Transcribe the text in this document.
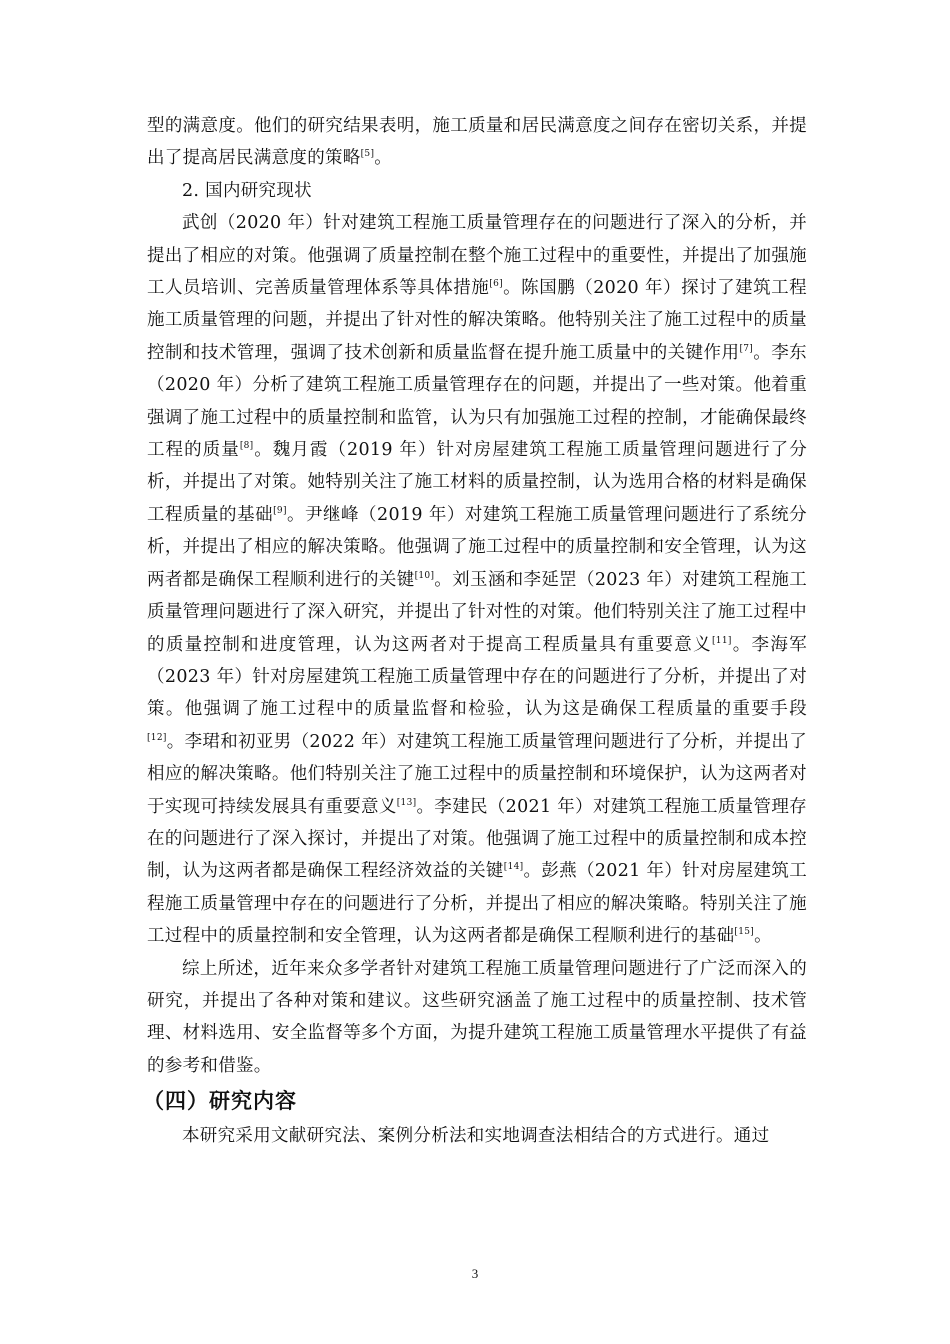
型的满意度。他们的研究结果表明，施工质量和居民满意度之间存在密切关系，并提出了提高居民满意度的策略[5]。

2. 国内研究现状

武创（2020 年）针对建筑工程施工质量管理存在的问题进行了深入的分析，并提出了相应的对策。他强调了质量控制在整个施工过程中的重要性，并提出了加强施工人员培训、完善质量管理体系等具体措施[6]。陈国鹏（2020 年）探讨了建筑工程施工质量管理的问题，并提出了针对性的解决策略。他特别关注了施工过程中的质量控制和技术管理，强调了技术创新和质量监督在提升施工质量中的关键作用[7]。李东（2020 年）分析了建筑工程施工质量管理存在的问题，并提出了一些对策。他着重强调了施工过程中的质量控制和监管，认为只有加强施工过程的控制，才能确保最终工程的质量[8]。魏月霞（2019 年）针对房屋建筑工程施工质量管理问题进行了分析，并提出了对策。她特别关注了施工材料的质量控制，认为选用合格的材料是确保工程质量的基础[9]。尹继峰（2019 年）对建筑工程施工质量管理问题进行了系统分析，并提出了相应的解决策略。他强调了施工过程中的质量控制和安全管理，认为这两者都是确保工程顺利进行的关键[10]。刘玉涵和李延罡（2023 年）对建筑工程施工质量管理问题进行了深入研究，并提出了针对性的对策。他们特别关注了施工过程中的质量控制和进度管理，认为这两者对于提高工程质量具有重要意义[11]。李海军（2023 年）针对房屋建筑工程施工质量管理中存在的问题进行了分析，并提出了对策。他强调了施工过程中的质量监督和检验，认为这是确保工程质量的重要手段[12]。李珺和初亚男（2022 年）对建筑工程施工质量管理问题进行了分析，并提出了相应的解决策略。他们特别关注了施工过程中的质量控制和环境保护，认为这两者对于实现可持续发展具有重要意义[13]。李建民（2021 年）对建筑工程施工质量管理存在的问题进行了深入探讨，并提出了对策。他强调了施工过程中的质量控制和成本控制，认为这两者都是确保工程经济效益的关键[14]。彭燕（2021 年）针对房屋建筑工程施工质量管理中存在的问题进行了分析，并提出了相应的解决策略。特别关注了施工过程中的质量控制和安全管理，认为这两者都是确保工程顺利进行的基础[15]。

综上所述，近年来众多学者针对建筑工程施工质量管理问题进行了广泛而深入的研究，并提出了各种对策和建议。这些研究涵盖了施工过程中的质量控制、技术管理、材料选用、安全监督等多个方面，为提升建筑工程施工质量管理水平提供了有益的参考和借鉴。

（四）研究内容

本研究采用文献研究法、案例分析法和实地调查法相结合的方式进行。通过

3
